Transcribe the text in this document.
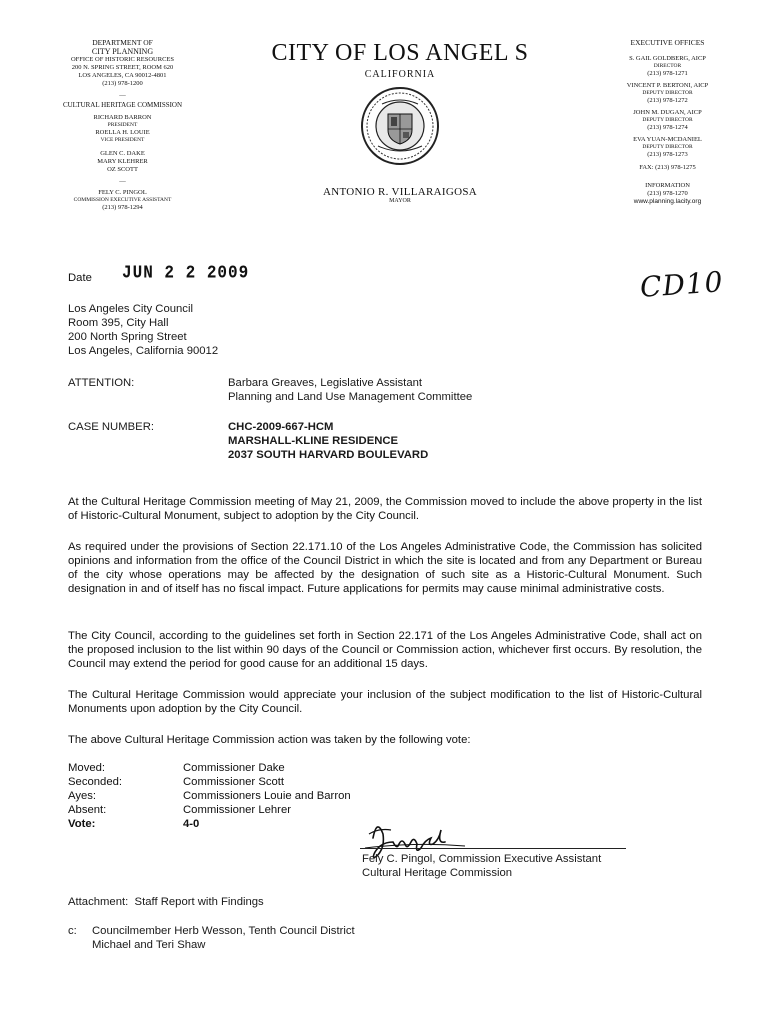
DEPARTMENT OF
CITY PLANNING
OFFICE OF HISTORIC RESOURCES
200 N. SPRING STREET, ROOM 620
LOS ANGELES, CA 90012-4801
(213) 978-1200
—
CULTURAL HERITAGE COMMISSION
RICHARD BARRON
PRESIDENT
ROELLA H. LOUIE
VICE PRESIDENT
GLEN C. DAKE
MARY KLEHRER
OZ SCOTT
—
FELY C. PINGOL
COMMISSION EXECUTIVE ASSISTANT
(213) 978-1294
CITY OF LOS ANGEL S
CALIFORNIA
ANTONIO R. VILLARAIGOSA
MAYOR
EXECUTIVE OFFICES
S. GAIL GOLDBERG, AICP
DIRECTOR
(213) 978-1271
VINCENT P. BERTONI, AICP
DEPUTY DIRECTOR
(213) 978-1272
JOHN M. DUGAN, AICP
DEPUTY DIRECTOR
(213) 978-1274
EVA YUAN-MCDANIEL
DEPUTY DIRECTOR
(213) 978-1273
FAX: (213) 978-1275
INFORMATION
(213) 978-1270
www.planning.lacity.org
CD10
Date JUN 2 2 2009
Los Angeles City Council
Room 395, City Hall
200 North Spring Street
Los Angeles, California 90012
ATTENTION:	Barbara Greaves, Legislative Assistant
Planning and Land Use Management Committee
CASE NUMBER:	CHC-2009-667-HCM
MARSHALL-KLINE RESIDENCE
2037 SOUTH HARVARD BOULEVARD
At the Cultural Heritage Commission meeting of May 21, 2009, the Commission moved to include the above property in the list of Historic-Cultural Monument, subject to adoption by the City Council.
As required under the provisions of Section 22.171.10 of the Los Angeles Administrative Code, the Commission has solicited opinions and information from the office of the Council District in which the site is located and from any Department or Bureau of the city whose operations may be affected by the designation of such site as a Historic-Cultural Monument. Such designation in and of itself has no fiscal impact. Future applications for permits may cause minimal administrative costs.
The City Council, according to the guidelines set forth in Section 22.171 of the Los Angeles Administrative Code, shall act on the proposed inclusion to the list within 90 days of the Council or Commission action, whichever first occurs. By resolution, the Council may extend the period for good cause for an additional 15 days.
The Cultural Heritage Commission would appreciate your inclusion of the subject modification to the list of Historic-Cultural Monuments upon adoption by the City Council.
The above Cultural Heritage Commission action was taken by the following vote:
Moved:	Commissioner Dake
Seconded:	Commissioner Scott
Ayes:	Commissioners Louie and Barron
Absent:	Commissioner Lehrer
Vote:	4-0
Fely C. Pingol, Commission Executive Assistant
Cultural Heritage Commission
Attachment:  Staff Report with Findings
c: Councilmember Herb Wesson, Tenth Council District
Michael and Teri Shaw
